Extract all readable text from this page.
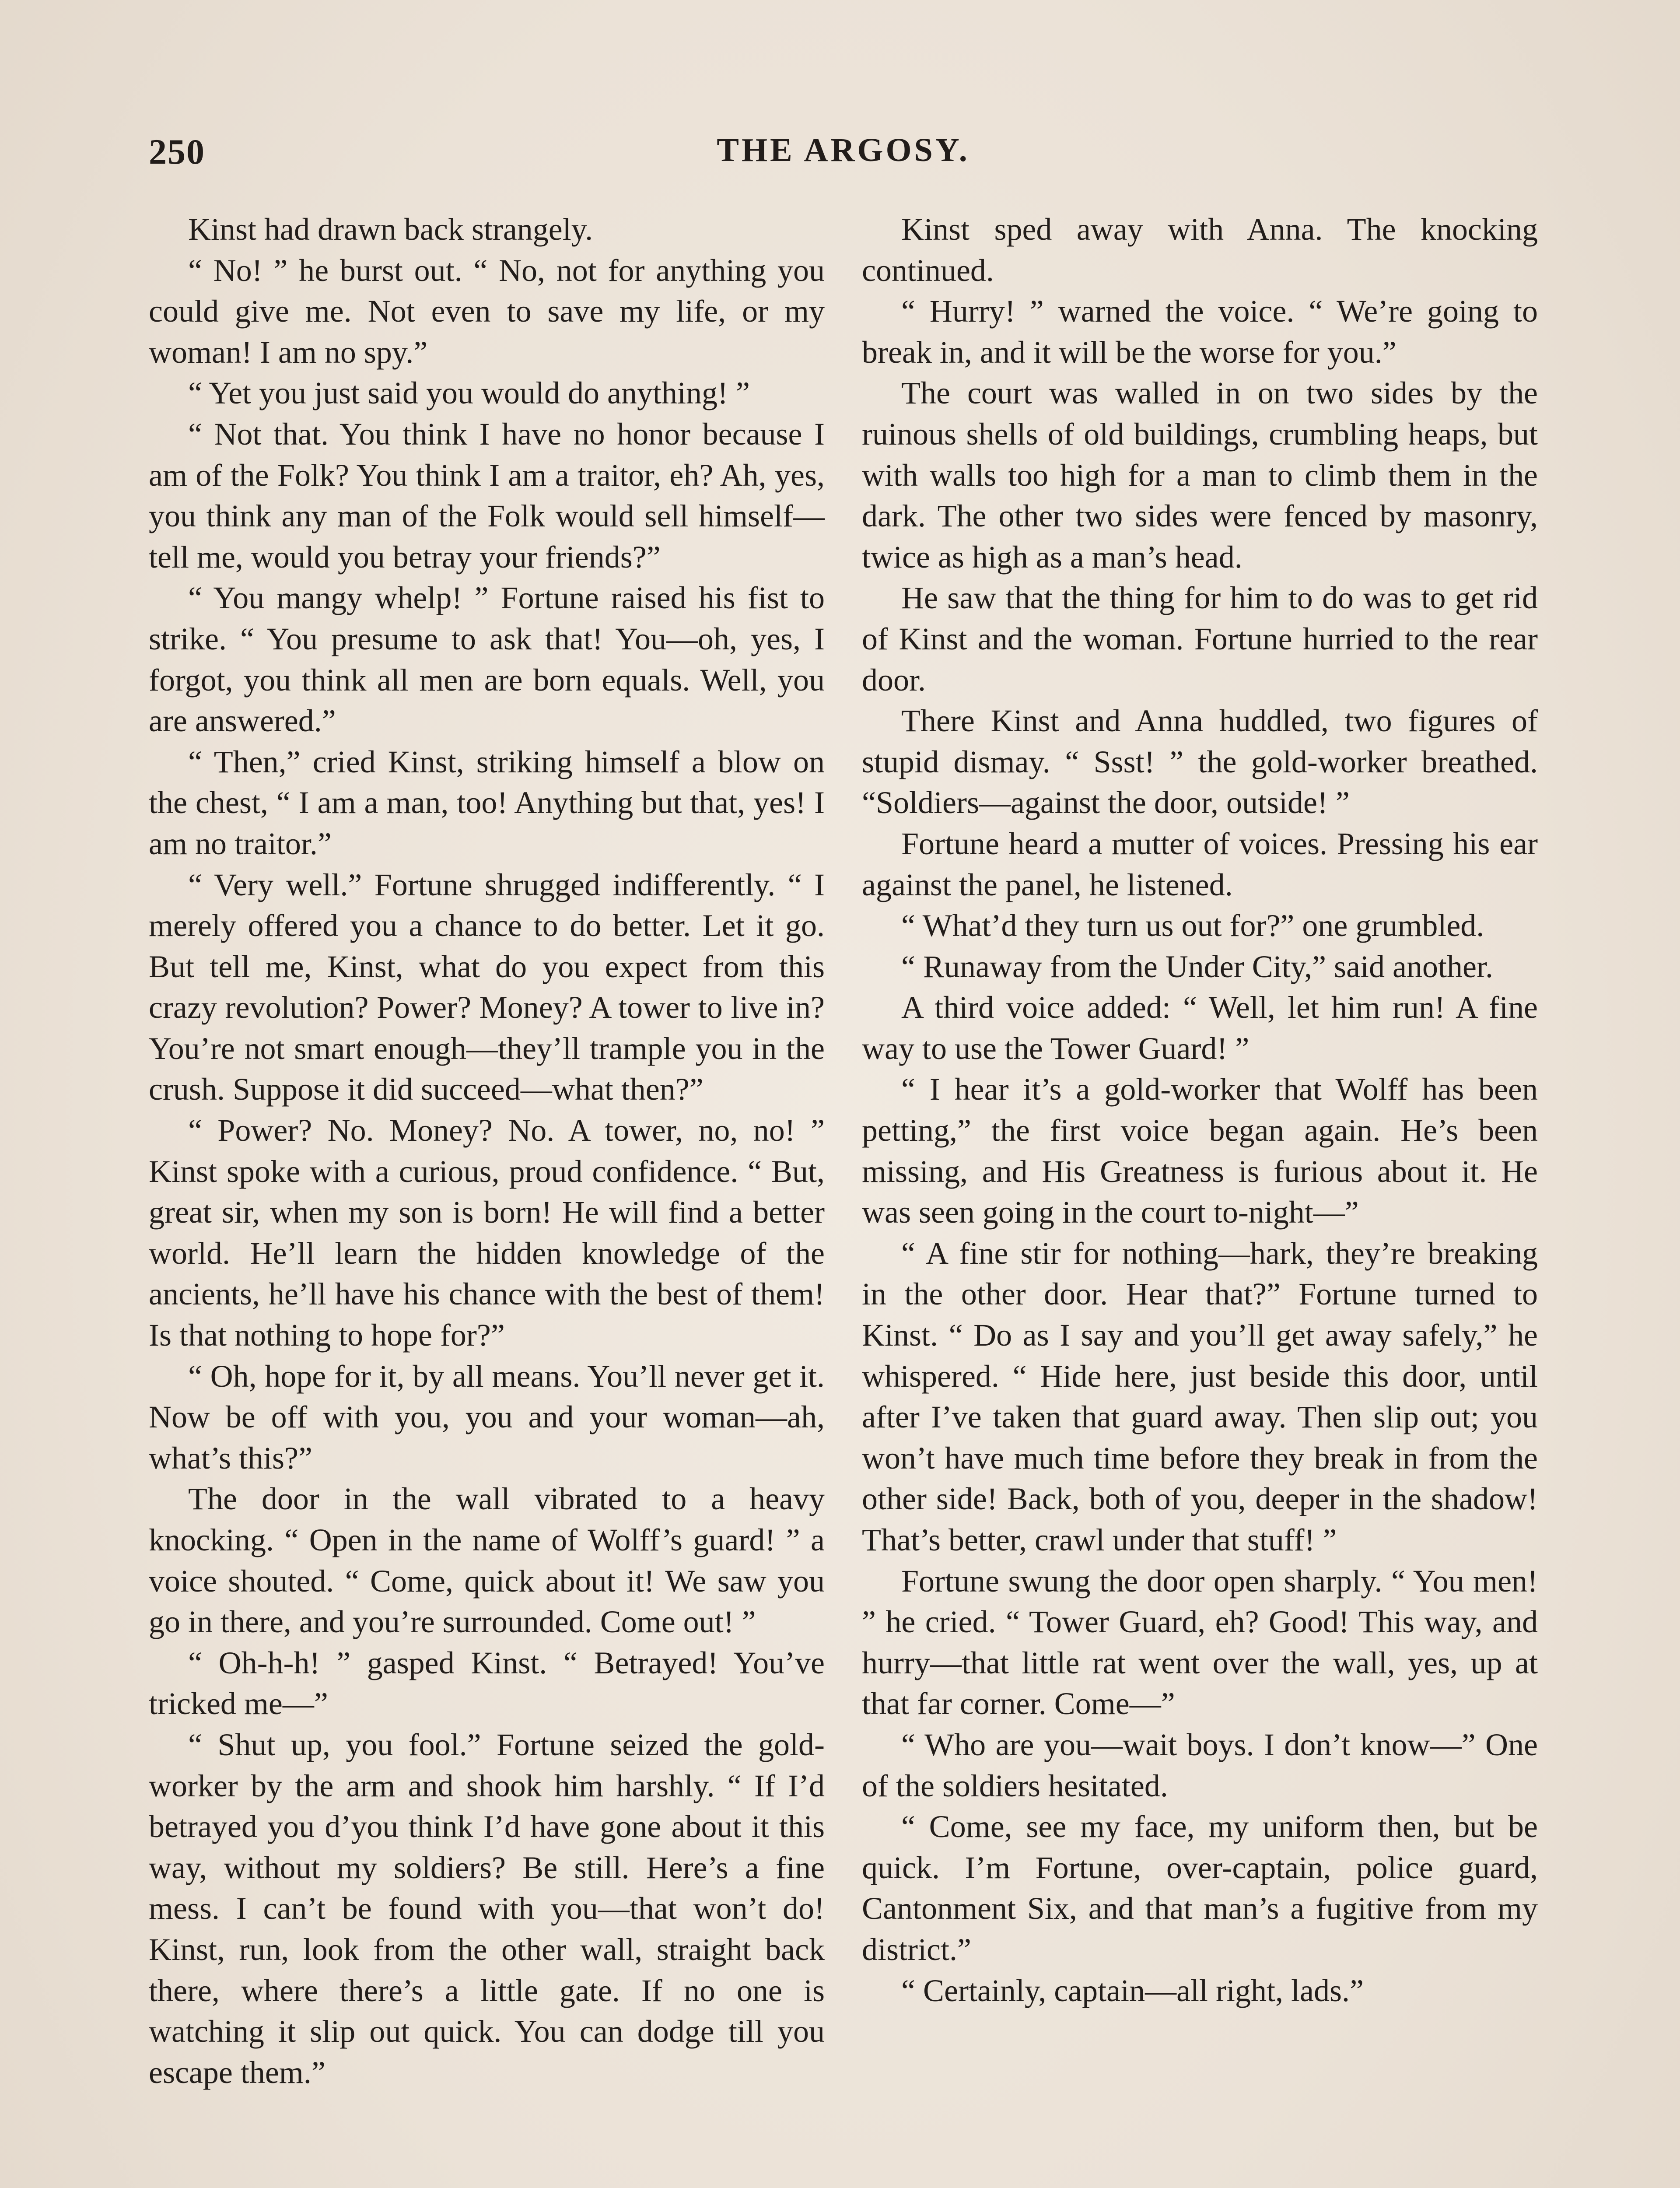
250	THE ARGOSY.

Kinst had drawn back strangely.

“ No! ” he burst out. “ No, not for anything you could give me. Not even to save my life, or my woman! I am no spy.”

“ Yet you just said you would do anything! ”

“ Not that. You think I have no honor because I am of the Folk? You think I am a traitor, eh? Ah, yes, you think any man of the Folk would sell himself—tell me, would you betray your friends?”

“ You mangy whelp! ” Fortune raised his fist to strike. “ You presume to ask that! You—oh, yes, I forgot, you think all men are born equals. Well, you are answered.”

“ Then,” cried Kinst, striking himself a blow on the chest, “ I am a man, too! Anything but that, yes! I am no traitor.”

“ Very well.” Fortune shrugged indifferently. “ I merely offered you a chance to do better. Let it go. But tell me, Kinst, what do you expect from this crazy revolution? Power? Money? A tower to live in? You’re not smart enough—they’ll trample you in the crush. Suppose it did succeed—what then?”

“ Power? No. Money? No. A tower, no, no! ” Kinst spoke with a curious, proud confidence. “ But, great sir, when my son is born! He will find a better world. He’ll learn the hidden knowledge of the ancients, he’ll have his chance with the best of them! Is that nothing to hope for?”

“ Oh, hope for it, by all means. You’ll never get it. Now be off with you, you and your woman—ah, what’s this?”

The door in the wall vibrated to a heavy knocking. “ Open in the name of Wolff’s guard! ” a voice shouted. “ Come, quick about it! We saw you go in there, and you’re surrounded. Come out! ”

“ Oh-h-h! ” gasped Kinst. “ Betrayed! You’ve tricked me—”

“ Shut up, you fool.” Fortune seized the gold-worker by the arm and shook him harshly. “ If I’d betrayed you d’you think I’d have gone about it this way, without my soldiers? Be still. Here’s a fine mess. I can’t be found with you—that won’t do! Kinst, run, look from the other wall, straight back there, where there’s a little gate. If no one is watching it slip out quick. You can dodge till you escape them.”

Kinst sped away with Anna. The knocking continued.

“ Hurry! ” warned the voice. “ We’re going to break in, and it will be the worse for you.”

The court was walled in on two sides by the ruinous shells of old buildings, crumbling heaps, but with walls too high for a man to climb them in the dark. The other two sides were fenced by masonry, twice as high as a man’s head.

He saw that the thing for him to do was to get rid of Kinst and the woman. Fortune hurried to the rear door.

There Kinst and Anna huddled, two figures of stupid dismay. “ Ssst! ” the gold-worker breathed. “Soldiers—against the door, outside! ”

Fortune heard a mutter of voices. Pressing his ear against the panel, he listened.

“ What’d they turn us out for?” one grumbled.

“ Runaway from the Under City,” said another.

A third voice added: “ Well, let him run! A fine way to use the Tower Guard! ”

“ I hear it’s a gold-worker that Wolff has been petting,” the first voice began again. He’s been missing, and His Greatness is furious about it. He was seen going in the court to-night—”

“ A fine stir for nothing—hark, they’re breaking in the other door. Hear that?” Fortune turned to Kinst. “ Do as I say and you’ll get away safely,” he whispered. “ Hide here, just beside this door, until after I’ve taken that guard away. Then slip out; you won’t have much time before they break in from the other side! Back, both of you, deeper in the shadow! That’s better, crawl under that stuff! ”

Fortune swung the door open sharply. “ You men! ” he cried. “ Tower Guard, eh? Good! This way, and hurry—that little rat went over the wall, yes, up at that far corner. Come—”

“ Who are you—wait boys. I don’t know—” One of the soldiers hesitated.

“ Come, see my face, my uniform then, but be quick. I’m Fortune, over-captain, police guard, Cantonment Six, and that man’s a fugitive from my district.”

“ Certainly, captain—all right, lads.”
